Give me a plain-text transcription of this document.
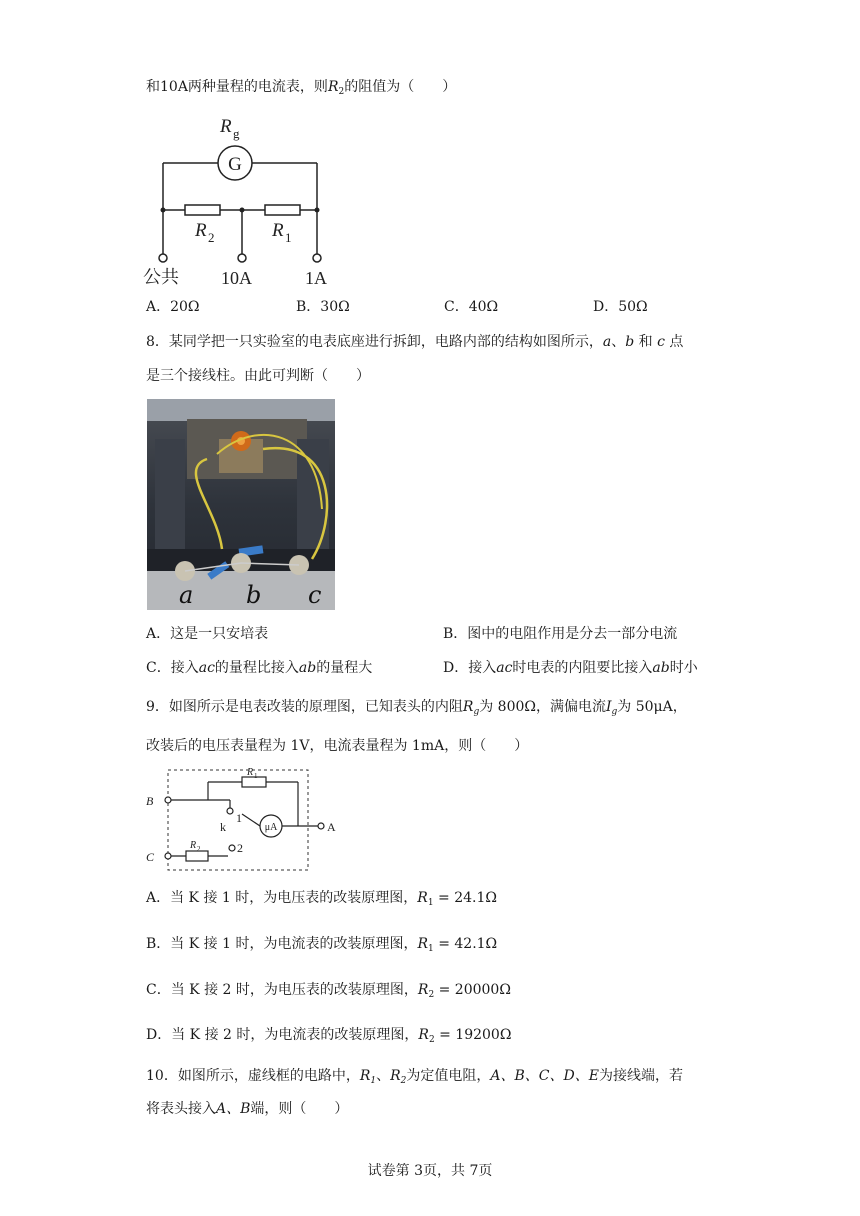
和10A两种量程的电流表，则$R_2$的阻值为（　　）
G
R g
R 2	R 1
公共 10A	1A
A．20Ω	B．30Ω	C．40Ω	D．50Ω
8．某同学把一只实验室的电表底座进行拆卸，电路内部的结构如图所示，a、b 和 c 点
是三个接线柱。由此可判断（　　）
a b c
A．这是一只安培表	B．图中的电阻作用是分去一部分电流
C．接入ac的量程比接入ab的量程大	D．接入ac时电表的内阻要比接入ab时小
9．如图所示是电表改装的原理图，已知表头的内阻$R_g$为 800Ω，满偏电流$I_g$为 50μA，
改装后的电压表量程为 1V，电流表量程为 1mA，则（　　）
μA
B
C
A
R 1
R 2
1
2
k
A．当 K 接 1 时，为电压表的改装原理图，$R_1 = 24.1\Omega$
B．当 K 接 1 时，为电流表的改装原理图，$R_1 = 42.1\Omega$
C．当 K 接 2 时，为电压表的改装原理图，$R_2 = 20000\Omega$
D．当 K 接 2 时，为电流表的改装原理图，$R_2 = 19200\Omega$
10．如图所示，虚线框的电路中，$R_1$、$R_2$为定值电阻，A、B、C、D、E为接线端，若
将表头接入A、B端，则（　　）
试卷第 3页，共 7页
